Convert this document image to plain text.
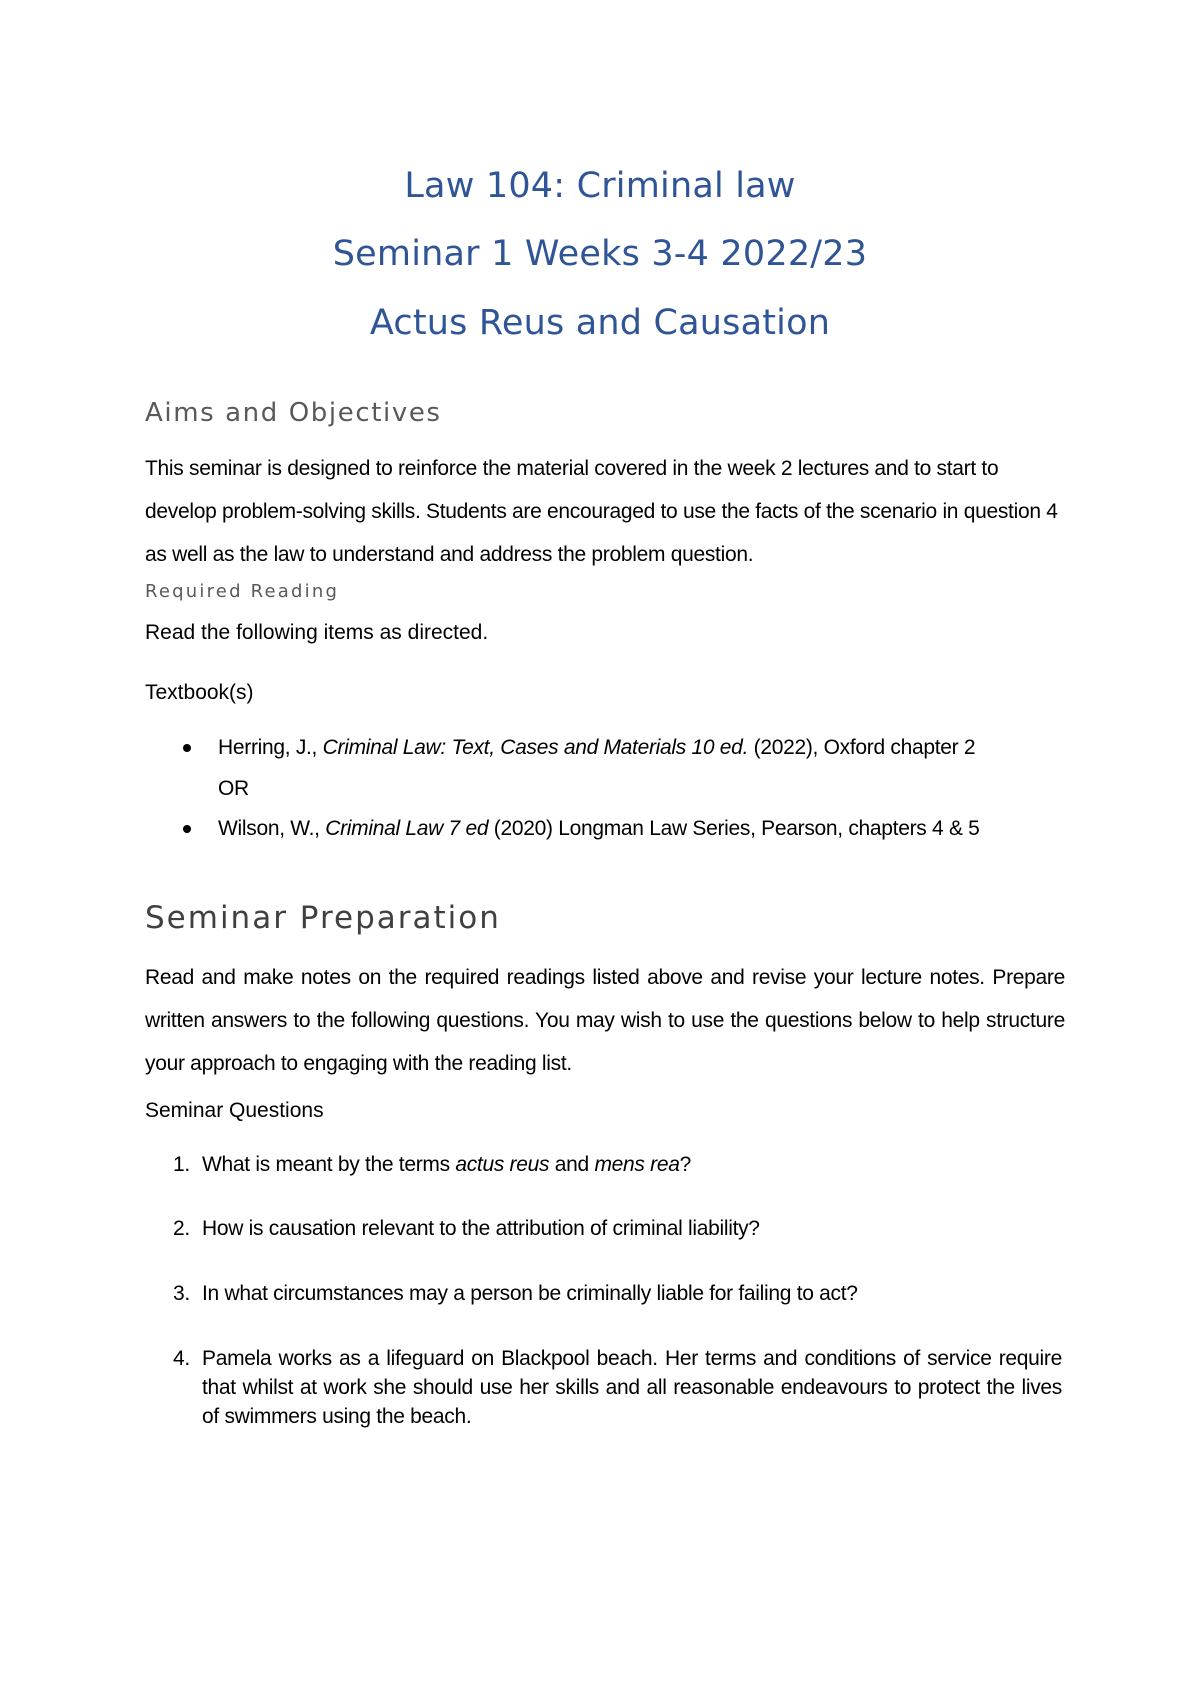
Law 104: Criminal law
Seminar 1 Weeks 3-4 2022/23
Actus Reus and Causation
Aims and Objectives
This seminar is designed to reinforce the material covered in the week 2 lectures and to start to develop problem-solving skills. Students are encouraged to use the facts of the scenario in question 4 as well as the law to understand and address the problem question.
Required Reading
Read the following items as directed.
Textbook(s)
Herring, J., Criminal Law: Text, Cases and Materials 10 ed. (2022), Oxford chapter 2
OR
Wilson, W., Criminal Law 7 ed (2020) Longman Law Series, Pearson, chapters 4 & 5
Seminar Preparation
Read and make notes on the required readings listed above and revise your lecture notes. Prepare written answers to the following questions. You may wish to use the questions below to help structure your approach to engaging with the reading list.
Seminar Questions
1. What is meant by the terms actus reus and mens rea?
2. How is causation relevant to the attribution of criminal liability?
3. In what circumstances may a person be criminally liable for failing to act?
4. Pamela works as a lifeguard on Blackpool beach. Her terms and conditions of service require that whilst at work she should use her skills and all reasonable endeavours to protect the lives of swimmers using the beach.
